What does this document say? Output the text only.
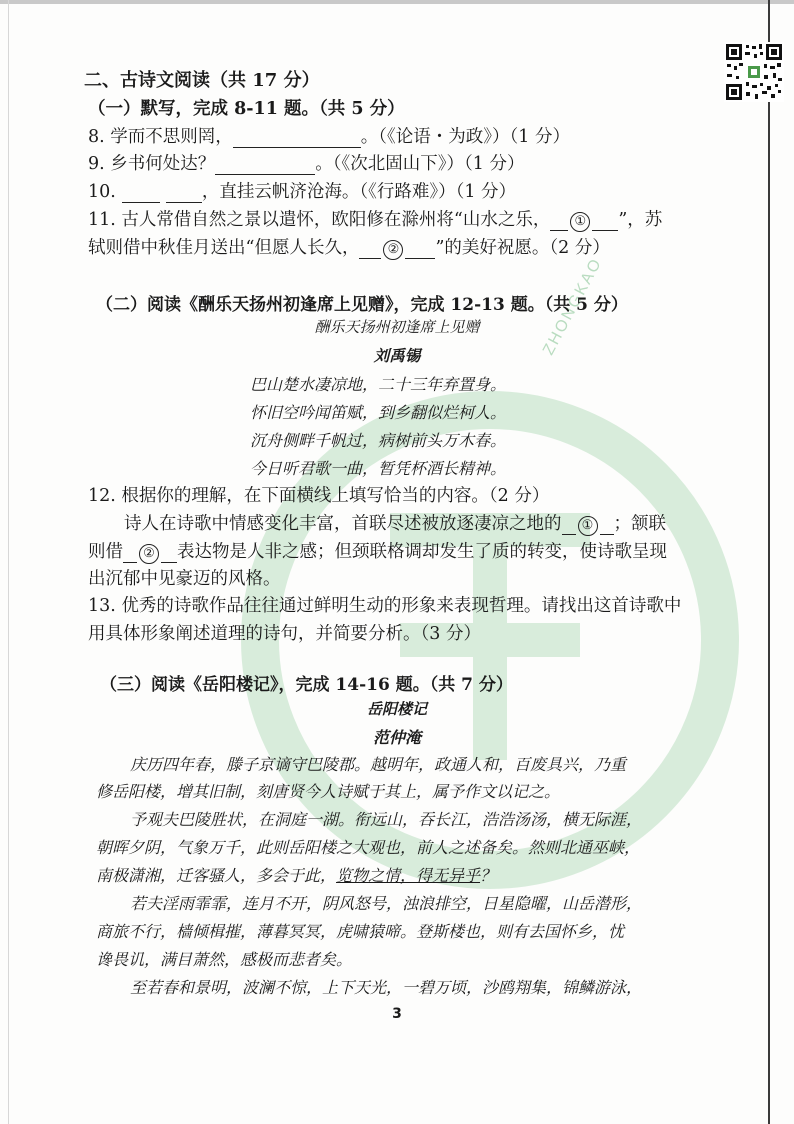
ZHONGKAO
二、古诗文阅读（共 17 分）
（一）默写，完成 8-11 题。（共 5 分）
8. 学而不思则罔，	。（《论语・为政》）（1 分）
9. 乡书何处达？	。（《次北固山下》）（1 分）
10.	，直挂云帆济沧海。（《行路难》）（1 分）
11. 古人常借自然之景以遣怀，欧阳修在滁州将“山水之乐， ① ”，苏
轼则借中秋佳月送出“但愿人长久， ② ”的美好祝愿。（2 分）
（二）阅读《酬乐天扬州初逢席上见赠》，完成 12-13 题。（共 5 分）
酬乐天扬州初逢席上见赠
刘禹锡
巴山楚水凄凉地，二十三年弃置身。
怀旧空吟闻笛赋，到乡翻似烂柯人。
沉舟侧畔千帆过，病树前头万木春。
今日听君歌一曲，暂凭杯酒长精神。
12. 根据你的理解，在下面横线上填写恰当的内容。（2 分）
诗人在诗歌中情感变化丰富，首联尽述被放逐凄凉之地的 ① ；颔联
则借 ② 表达物是人非之感；但颈联格调却发生了质的转变，使诗歌呈现
出沉郁中见豪迈的风格。
13. 优秀的诗歌作品往往通过鲜明生动的形象来表现哲理。请找出这首诗歌中
用具体形象阐述道理的诗句，并简要分析。（3 分）
（三）阅读《岳阳楼记》，完成 14-16 题。（共 7 分）
岳阳楼记
范仲淹
庆历四年春，滕子京谪守巴陵郡。越明年，政通人和，百废具兴，乃重
修岳阳楼，增其旧制，刻唐贤今人诗赋于其上，属予作文以记之。
予观夫巴陵胜状，在洞庭一湖。衔远山，吞长江，浩浩汤汤，横无际涯，
朝晖夕阴，气象万千，此则岳阳楼之大观也，前人之述备矣。然则北通巫峡，
南极潇湘，迁客骚人，多会于此，览物之情，得无异乎？
若夫淫雨霏霏，连月不开，阴风怒号，浊浪排空，日星隐曜，山岳潜形，
商旅不行，樯倾楫摧，薄暮冥冥，虎啸猿啼。登斯楼也，则有去国怀乡，忧
谗畏讥，满目萧然，感极而悲者矣。
至若春和景明，波澜不惊，上下天光，一碧万顷，沙鸥翔集，锦鳞游泳，
3
